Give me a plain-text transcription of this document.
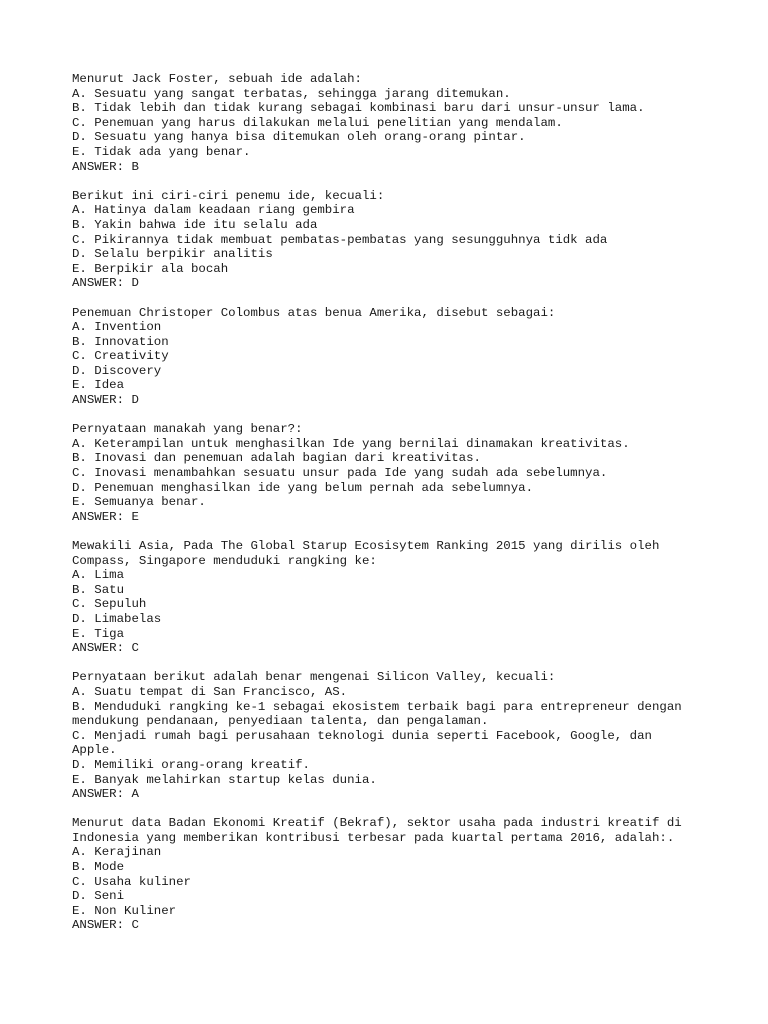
Menurut Jack Foster, sebuah ide adalah:
A. Sesuatu yang sangat terbatas, sehingga jarang ditemukan.
B. Tidak lebih dan tidak kurang sebagai kombinasi baru dari unsur-unsur lama.
C. Penemuan yang harus dilakukan melalui penelitian yang mendalam.
D. Sesuatu yang hanya bisa ditemukan oleh orang-orang pintar.
E. Tidak ada yang benar.
ANSWER: B
Berikut ini ciri-ciri penemu ide, kecuali:
A. Hatinya dalam keadaan riang gembira
B. Yakin bahwa ide itu selalu ada
C. Pikirannya tidak membuat pembatas-pembatas yang sesungguhnya tidk ada
D. Selalu berpikir analitis
E. Berpikir ala bocah
ANSWER: D
Penemuan Christoper Colombus atas benua Amerika, disebut sebagai:
A. Invention
B. Innovation
C. Creativity
D. Discovery
E. Idea
ANSWER: D
Pernyataan manakah yang benar?:
A. Keterampilan untuk menghasilkan Ide yang bernilai dinamakan kreativitas.
B. Inovasi dan penemuan adalah bagian dari kreativitas.
C. Inovasi menambahkan sesuatu unsur pada Ide yang sudah ada sebelumnya.
D. Penemuan menghasilkan ide yang belum pernah ada sebelumnya.
E. Semuanya benar.
ANSWER: E
Mewakili Asia, Pada The Global Starup Ecosisytem Ranking 2015 yang dirilis oleh
Compass, Singapore menduduki rangking ke:
A. Lima
B. Satu
C. Sepuluh
D. Limabelas
E. Tiga
ANSWER: C
Pernyataan berikut adalah benar mengenai Silicon Valley, kecuali:
A. Suatu tempat di San Francisco, AS.
B. Menduduki rangking ke-1 sebagai ekosistem terbaik bagi para entrepreneur dengan
mendukung pendanaan, penyediaan talenta, dan pengalaman.
C. Menjadi rumah bagi perusahaan teknologi dunia seperti Facebook, Google, dan
Apple.
D. Memiliki orang-orang kreatif.
E. Banyak melahirkan startup kelas dunia.
ANSWER: A
Menurut data Badan Ekonomi Kreatif (Bekraf), sektor usaha pada industri kreatif di
Indonesia yang memberikan kontribusi terbesar pada kuartal pertama 2016, adalah:.
A. Kerajinan
B. Mode
C. Usaha kuliner
D. Seni
E. Non Kuliner
ANSWER: C
